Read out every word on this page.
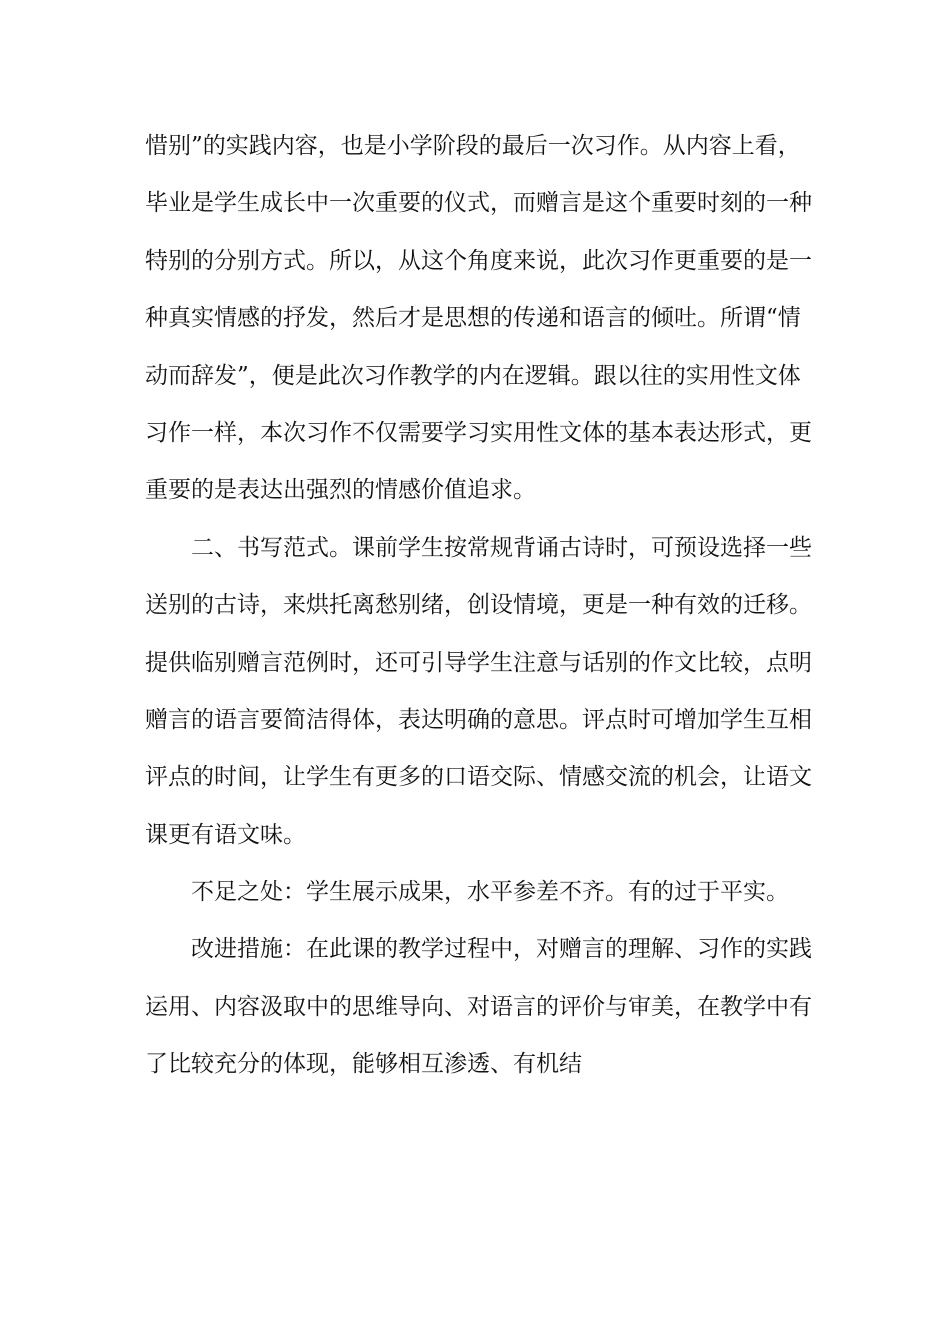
惜别”的实践内容，也是小学阶段的最后一次习作。从内容上看，
毕业是学生成长中一次重要的仪式，而赠言是这个重要时刻的一种
特别的分别方式。所以，从这个角度来说，此次习作更重要的是一
种真实情感的抒发，然后才是思想的传递和语言的倾吐。所谓“情
动而辞发”，便是此次习作教学的内在逻辑。跟以往的实用性文体
习作一样，本次习作不仅需要学习实用性文体的基本表达形式，更
重要的是表达出强烈的情感价值追求。
二、书写范式。课前学生按常规背诵古诗时，可预设选择一些
送别的古诗，来烘托离愁别绪，创设情境，更是一种有效的迁移。
提供临别赠言范例时，还可引导学生注意与话别的作文比较，点明
赠言的语言要简洁得体，表达明确的意思。评点时可增加学生互相
评点的时间，让学生有更多的口语交际、情感交流的机会，让语文
课更有语文味。
不足之处：学生展示成果，水平参差不齐。有的过于平实。
改进措施：在此课的教学过程中，对赠言的理解、习作的实践
运用、内容汲取中的思维导向、对语言的评价与审美，在教学中有
了比较充分的体现，能够相互渗透、有机结
